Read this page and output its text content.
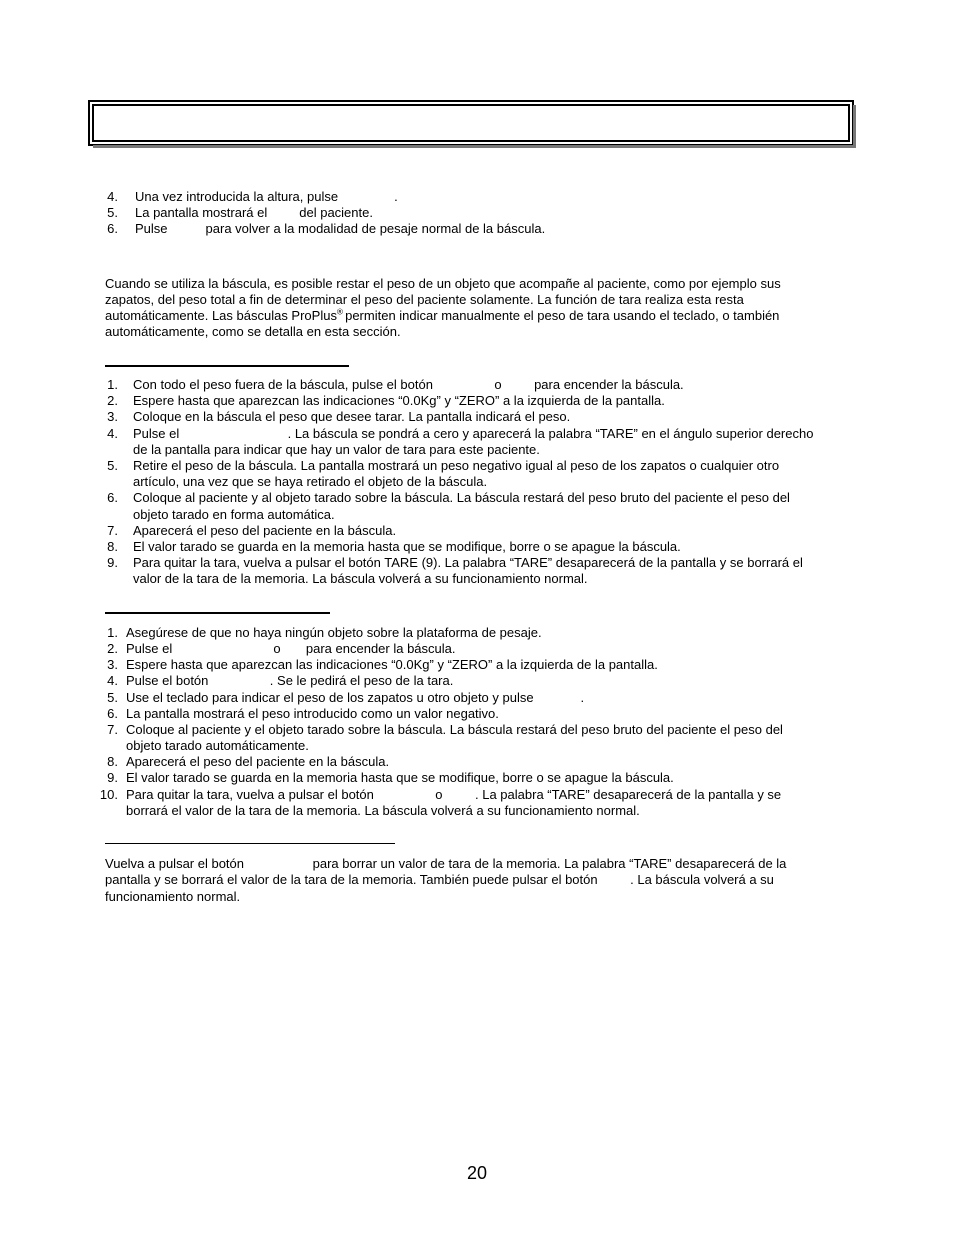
4. Una vez introducida la altura, pulse	.
5. La pantalla mostrará el del paciente.
6. Pulse	para volver a la modalidad de pesaje normal de la báscula.
Cuando se utiliza la báscula, es posible restar el peso de un objeto que acompañe al paciente, como por ejemplo sus
zapatos, del peso total a fin de determinar el peso del paciente solamente. La función de tara realiza esta resta
automáticamente. Las básculas ProPlus® permiten indicar manualmente el peso de tara usando el teclado, o también
automáticamente, como se detalla en esta sección.
1. Con todo el peso fuera de la báscula, pulse el botón                 o         para encender la báscula.
2. Espere hasta que aparezcan las indicaciones “0.0Kg” y “ZERO” a la izquierda de la pantalla.
3. Coloque en la báscula el peso que desee tarar. La pantalla indicará el peso.
4. Pulse el                              . La báscula se pondrá a cero y aparecerá la palabra “TARE” en el ángulo superior derecho
de la pantalla para indicar que hay un valor de tara para este paciente.
5. Retire el peso de la báscula. La pantalla mostrará un peso negativo igual al peso de los zapatos o cualquier otro
artículo, una vez que se haya retirado el objeto de la báscula.
6. Coloque al paciente y al objeto tarado sobre la báscula. La báscula restará del peso bruto del paciente el peso del
objeto tarado en forma automática.
7. Aparecerá el peso del paciente en la báscula.
8. El valor tarado se guarda en la memoria hasta que se modifique, borre o se apague la báscula.
9. Para quitar la tara, vuelva a pulsar el botón TARE (9). La palabra “TARE” desaparecerá de la pantalla y se borrará el
valor de la tara de la memoria. La báscula volverá a su funcionamiento normal.
1. Asegúrese de que no haya ningún objeto sobre la plataforma de pesaje.
2. Pulse el                            o       para encender la báscula.
3. Espere hasta que aparezcan las indicaciones “0.0Kg” y “ZERO” a la izquierda de la pantalla.
4. Pulse el botón                 . Se le pedirá el peso de la tara.
5. Use el teclado para indicar el peso de los zapatos u otro objeto y pulse             .
6. La pantalla mostrará el peso introducido como un valor negativo.
7. Coloque al paciente y el objeto tarado sobre la báscula. La báscula restará del peso bruto del paciente el peso del
objeto tarado automáticamente.
8. Aparecerá el peso del paciente en la báscula.
9. El valor tarado se guarda en la memoria hasta que se modifique, borre o se apague la báscula.
10. Para quitar la tara, vuelva a pulsar el botón                 o         . La palabra “TARE” desaparecerá de la pantalla y se
borrará el valor de la tara de la memoria. La báscula volverá a su funcionamiento normal.
Vuelva a pulsar el botón                   para borrar un valor de tara de la memoria. La palabra “TARE” desaparecerá de la
pantalla y se borrará el valor de la tara de la memoria. También puede pulsar el botón         . La báscula volverá a su
funcionamiento normal.
20
